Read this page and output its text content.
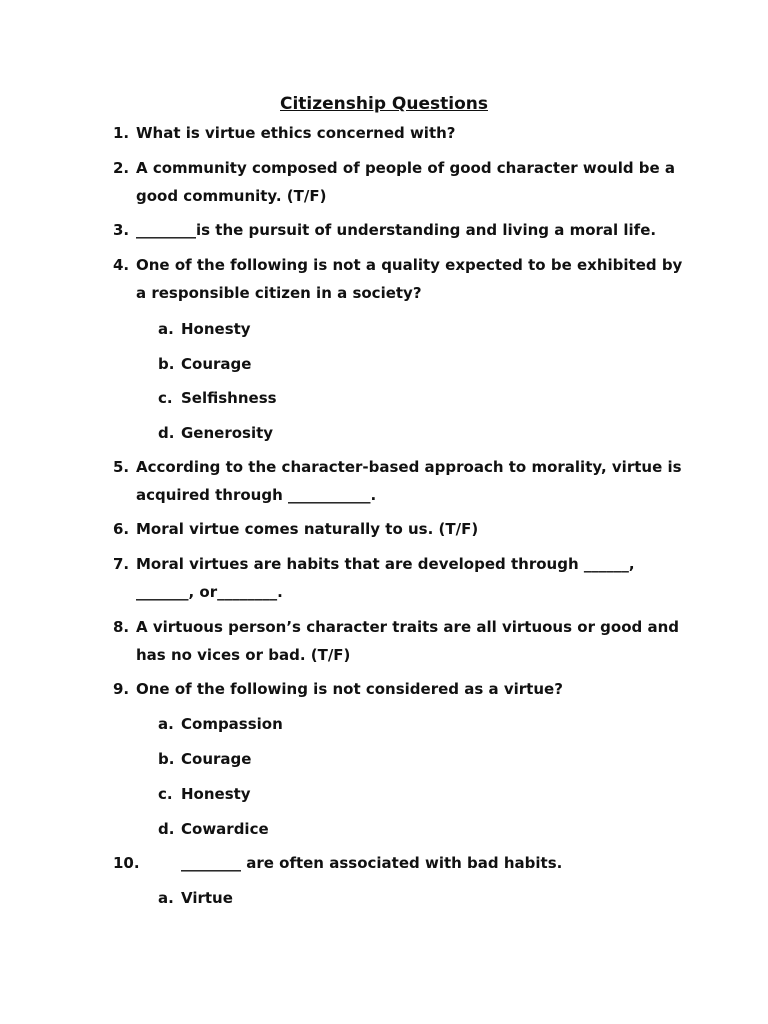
Citizenship Questions
1. What is virtue ethics concerned with?
2. A community composed of people of good character would be a good community. (T/F)
3. ________is the pursuit of understanding and living a moral life.
4. One of the following is not a quality expected to be exhibited by a responsible citizen in a society?
a. Honesty
b. Courage
c. Selfishness
d. Generosity
5. According to the character-based approach to morality, virtue is acquired through ___________.
6. Moral virtue comes naturally to us. (T/F)
7. Moral virtues are habits that are developed through ______, _______, or________.
8. A virtuous person’s character traits are all virtuous or good and has no vices or bad. (T/F)
9. One of the following is not considered as a virtue?
a. Compassion
b. Courage
c. Honesty
d. Cowardice
10.	________ are often associated with bad habits.
a. Virtue
